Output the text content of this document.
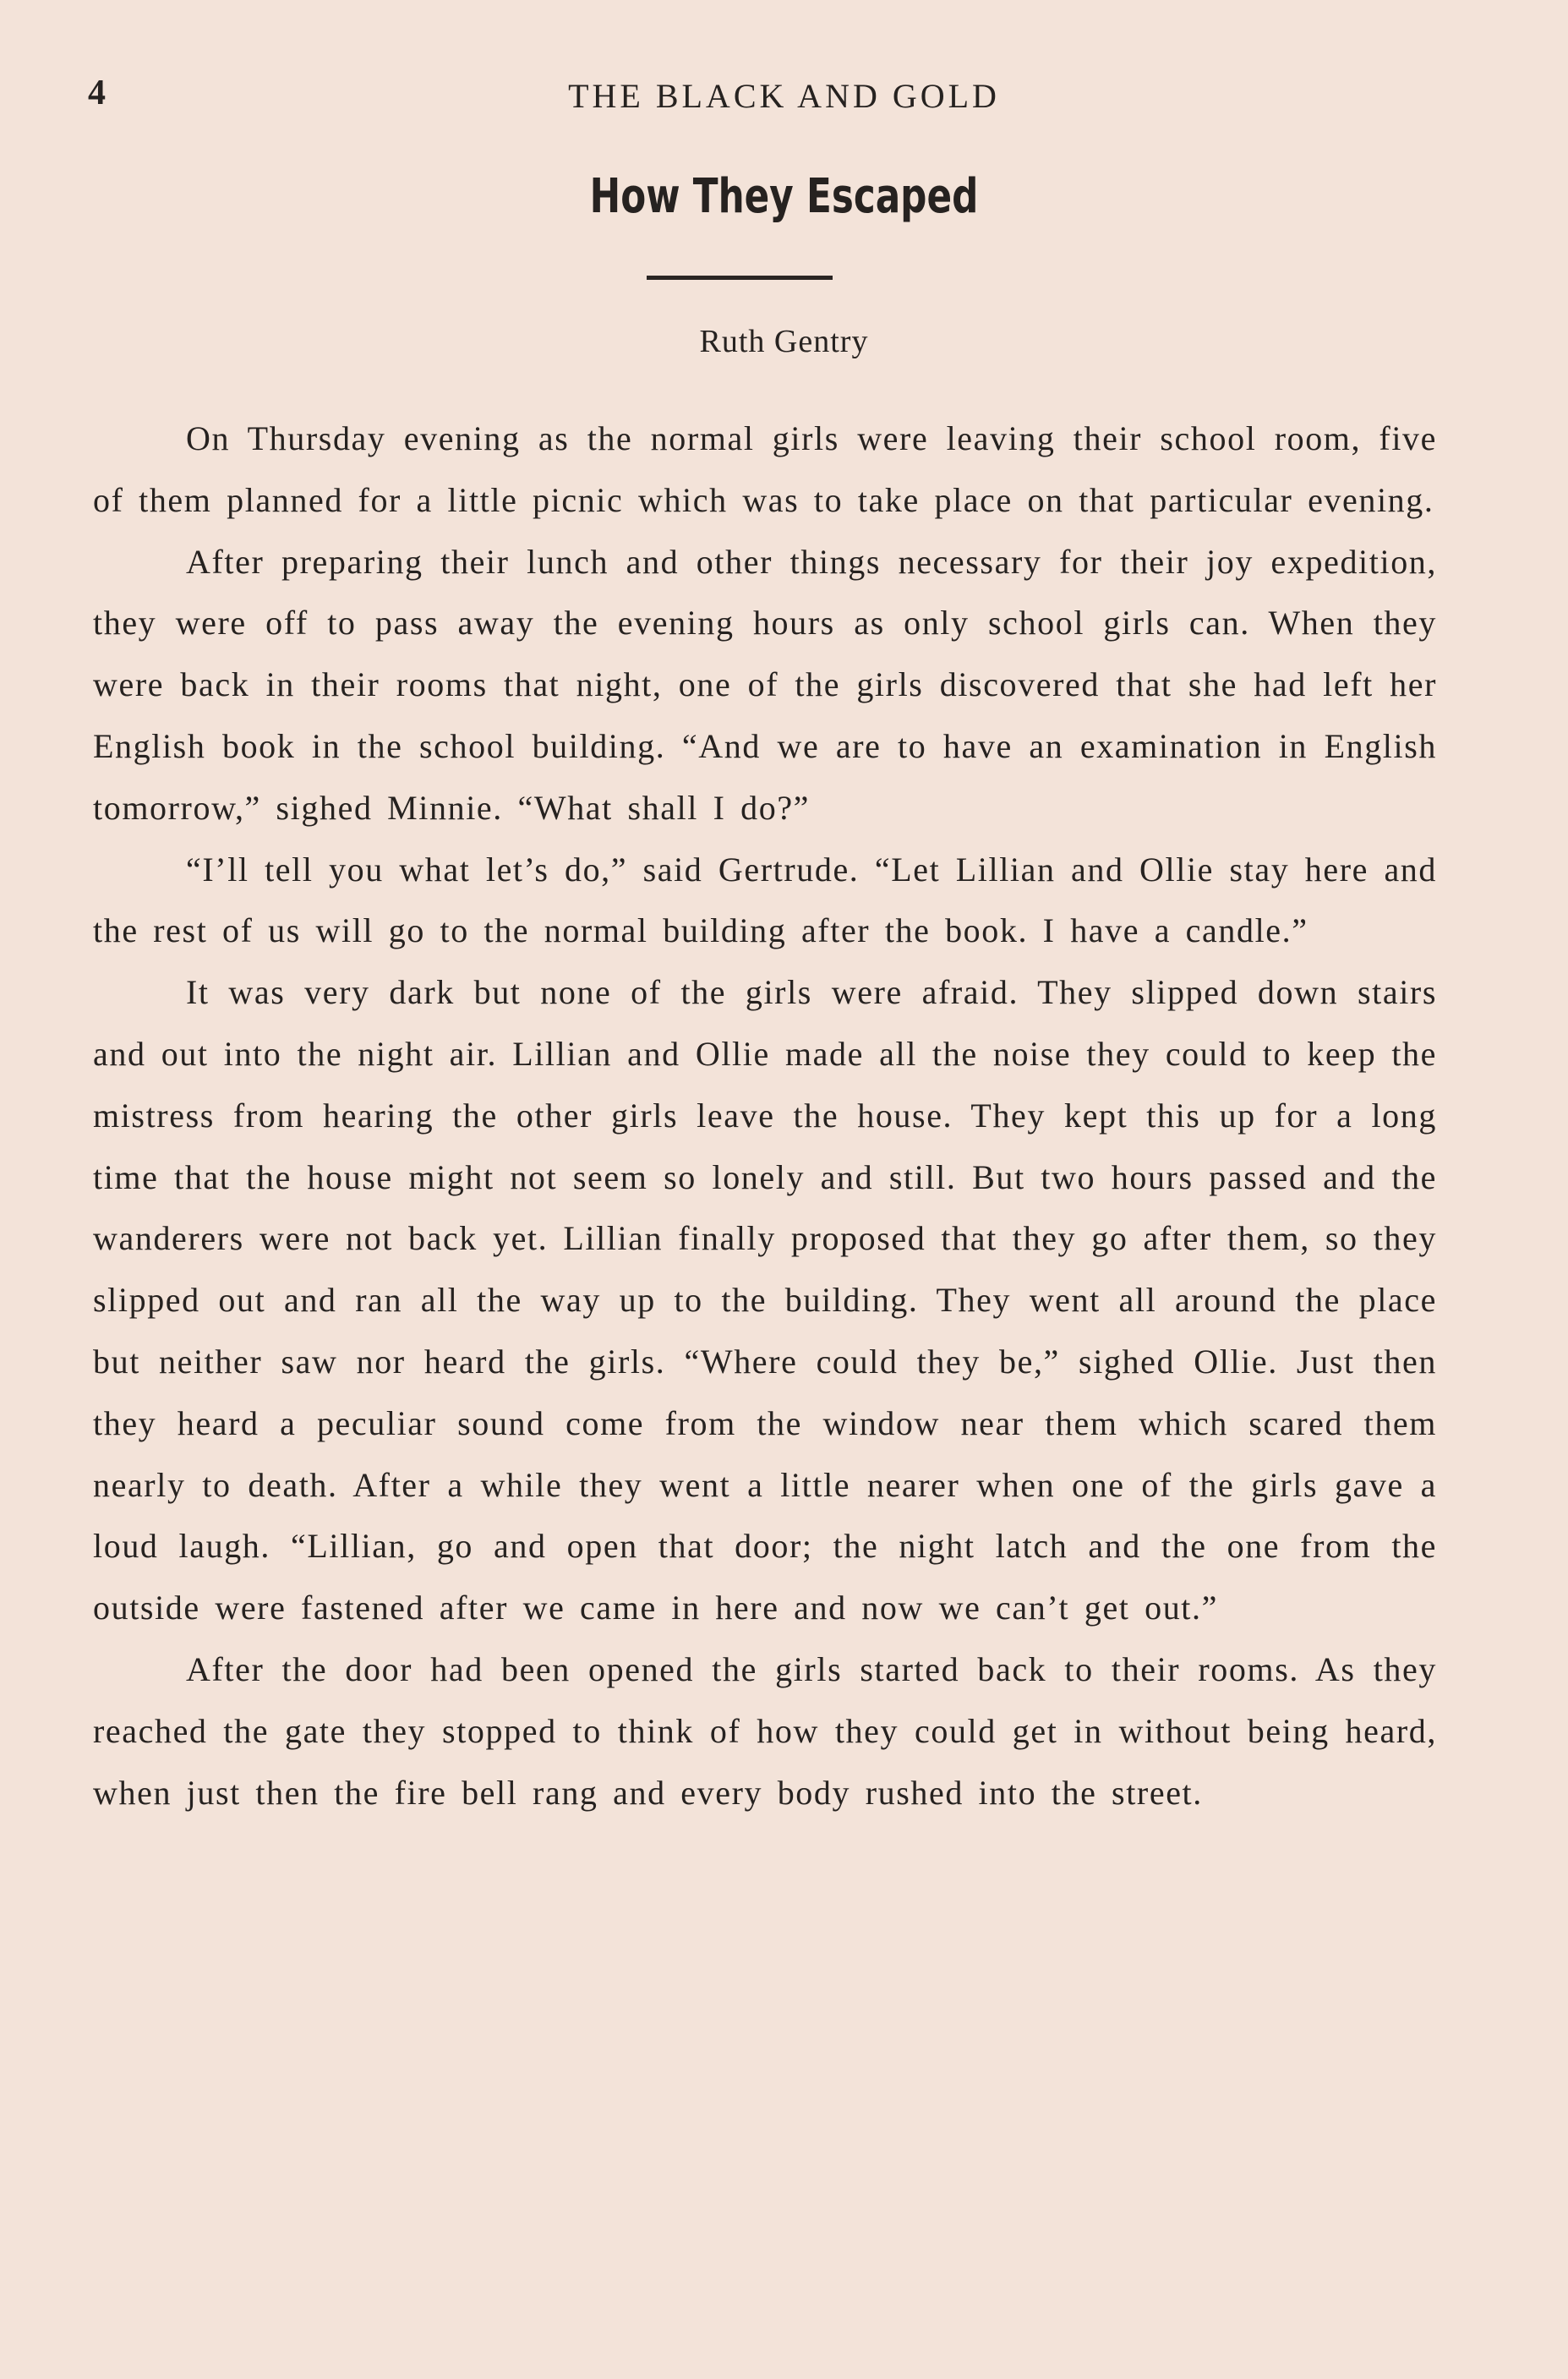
4	THE BLACK AND GOLD
How They Escaped
Ruth Gentry

On Thursday evening as the normal girls were leaving their school room, five of them planned for a little picnic which was to take place on that particular evening.

After preparing their lunch and other things necessary for their joy expedition, they were off to pass away the evening hours as only school girls can. When they were back in their rooms that night, one of the girls discovered that she had left her English book in the school building. “And we are to have an examination in English tomorrow,” sighed Minnie. “What shall I do?”

“I’ll tell you what let’s do,” said Gertrude. “Let Lillian and Ollie stay here and the rest of us will go to the normal building after the book. I have a candle.”

It was very dark but none of the girls were afraid. They slipped down stairs and out into the night air. Lillian and Ollie made all the noise they could to keep the mistress from hearing the other girls leave the house. They kept this up for a long time that the house might not seem so lonely and still. But two hours passed and the wanderers were not back yet. Lillian finally proposed that they go after them, so they slipped out and ran all the way up to the building. They went all around the place but neither saw nor heard the girls. “Where could they be,” sighed Ollie. Just then they heard a peculiar sound come from the window near them which scared them nearly to death. After a while they went a little nearer when one of the girls gave a loud laugh. “Lillian, go and open that door; the night latch and the one from the outside were fastened after we came in here and now we can’t get out.”

After the door had been opened the girls started back to their rooms. As they reached the gate they stopped to think of how they could get in without being heard, when just then the fire bell rang and every body rushed into the street.
